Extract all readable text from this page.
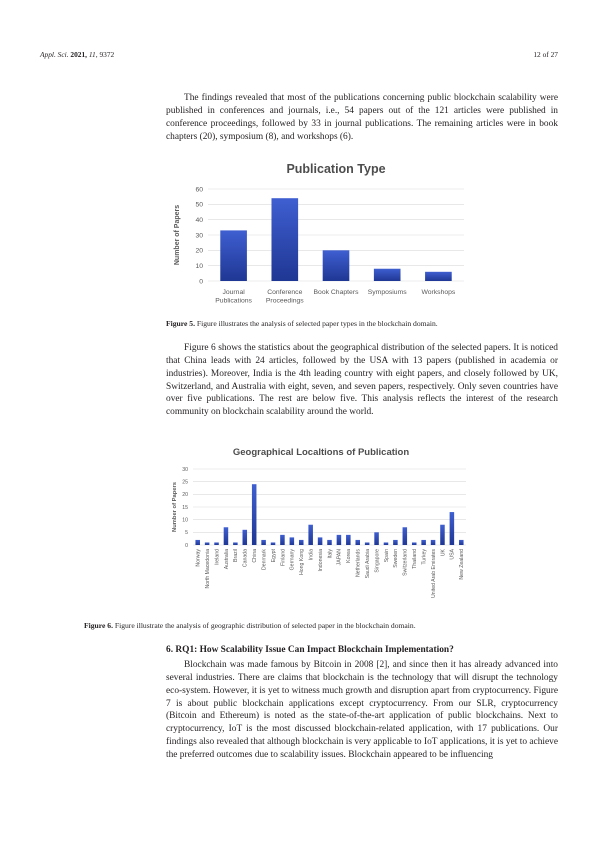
Appl. Sci. 2021, 11, 9372	12 of 27

The findings revealed that most of the publications concerning public blockchain scalability were published in conferences and journals, i.e., 54 papers out of the 121 articles were published in conference proceedings, followed by 33 in journal publications. The remaining articles were in book chapters (20), symposium (8), and workshops (6).

Publication Type
0
10
20
30
40
50
60
Number of Papers
Journal Publications
Conference Proceedings
Book Chapters Symposiums Workshops
Figure 5. Figure illustrates the analysis of selected paper types in the blockchain domain.

Figure 6 shows the statistics about the geographical distribution of the selected papers. It is noticed that China leads with 24 articles, followed by the USA with 13 papers (published in academia or industries). Moreover, India is the 4th leading country with eight papers, and closely followed by UK, Switzerland, and Australia with eight, seven, and seven papers, respectively. Only seven countries have over five publications. The rest are below five. This analysis reflects the interest of the research community on blockchain scalability around the world.

Geographical Localtions of Publication
0
5
10
15
20
25
30
Number of Papers
Norway North Macedonia Ireland Australia Brazil Canada China Denmark Egypt Finland Germany Hong Kong India Indonesia Italy JAPAN Korea Netherlands Saudi Arabia Singapore Spain Sweden Switzerland Thailand Turkey United Arab Emirates UK USA New Zealand
Figure 6. Figure illustrate the analysis of geographic distribution of selected paper in the blockchain domain.
6. RQ1: How Scalability Issue Can Impact Blockchain Implementation?

Blockchain was made famous by Bitcoin in 2008 [2], and since then it has already advanced into several industries. There are claims that blockchain is the technology that will disrupt the technology eco-system. However, it is yet to witness much growth and disruption apart from cryptocurrency. Figure 7 is about public blockchain applications except cryptocurrency. From our SLR, cryptocurrency (Bitcoin and Ethereum) is noted as the state-of-the-art application of public blockchains. Next to cryptocurrency, IoT is the most discussed blockchain-related application, with 17 publications. Our findings also revealed that although blockchain is very applicable to IoT applications, it is yet to achieve the preferred outcomes due to scalability issues. Blockchain appeared to be influencing
